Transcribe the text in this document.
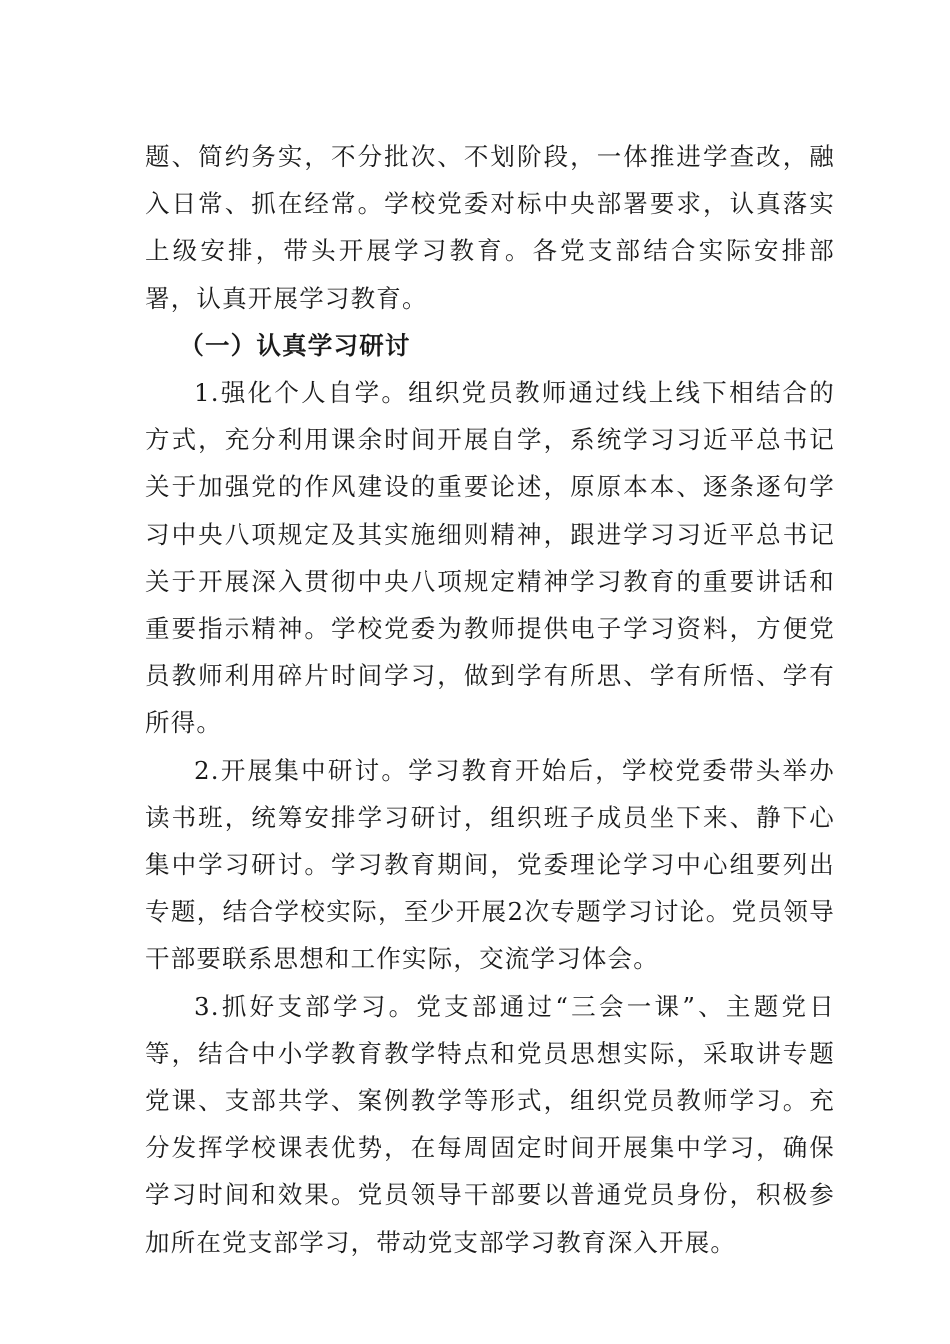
题、简约务实，不分批次、不划阶段，一体推进学查改，融入日常、抓在经常。学校党委对标中央部署要求，认真落实上级安排，带头开展学习教育。各党支部结合实际安排部署，认真开展学习教育。

（一）认真学习研讨

1.强化个人自学。组织党员教师通过线上线下相结合的方式，充分利用课余时间开展自学，系统学习习近平总书记关于加强党的作风建设的重要论述，原原本本、逐条逐句学习中央八项规定及其实施细则精神，跟进学习习近平总书记关于开展深入贯彻中央八项规定精神学习教育的重要讲话和重要指示精神。学校党委为教师提供电子学习资料，方便党员教师利用碎片时间学习，做到学有所思、学有所悟、学有所得。

2.开展集中研讨。学习教育开始后，学校党委带头举办读书班，统筹安排学习研讨，组织班子成员坐下来、静下心集中学习研讨。学习教育期间，党委理论学习中心组要列出专题，结合学校实际，至少开展2次专题学习讨论。党员领导干部要联系思想和工作实际，交流学习体会。

3.抓好支部学习。党支部通过“三会一课”、主题党日等，结合中小学教育教学特点和党员思想实际，采取讲专题党课、支部共学、案例教学等形式，组织党员教师学习。充分发挥学校课表优势，在每周固定时间开展集中学习，确保学习时间和效果。党员领导干部要以普通党员身份，积极参加所在党支部学习，带动党支部学习教育深入开展。
